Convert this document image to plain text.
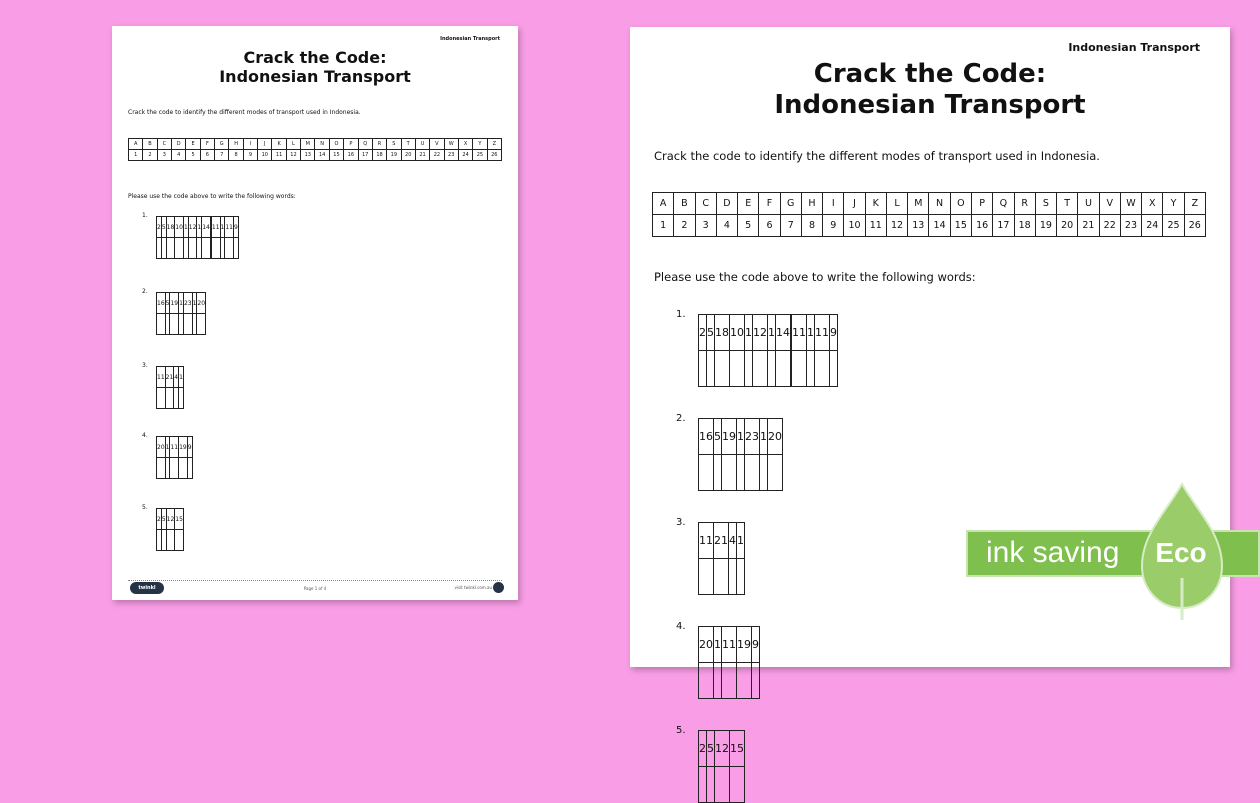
Indonesian Transport
Crack the Code:
Indonesian Transport
Crack the code to identify the different modes of transport used in Indonesia.
A	B	C	D	E	F	G	H	I	J	K	L	M	N	O	P	Q	R	S	T	U	V	W	X	Y	Z
1	2	3	4	5	6	7	8	9	10	11	12	13	14	15	16	17	18	19	20	21	22	23	24	25	26
Please use the code above to write the following words:
1.
2	5	18	10	1	12	1	14		11	1	11	9

2.
16	5	19	1	23	1	20

3.
11	21	4	1

4.
20	1	11	19	9

5.
2	5	12	15

twinkl	Page 1 of 4	visit twinkl.com.au
Indonesian Transport
Crack the Code:
Indonesian Transport
Crack the code to identify the different modes of transport used in Indonesia.
A	B	C	D	E	F	G	H	I	J	K	L	M	N	O	P	Q	R	S	T	U	V	W	X	Y	Z
1	2	3	4	5	6	7	8	9	10	11	12	13	14	15	16	17	18	19	20	21	22	23	24	25	26
Please use the code above to write the following words:
1.
2	5	18	10	1	12	1	14		11	1	11	9

2.
16	5	19	1	23	1	20

3.
11	21	4	1

4.
20	1	11	19	9

5.
2	5	12	15

ink saving	Eco
